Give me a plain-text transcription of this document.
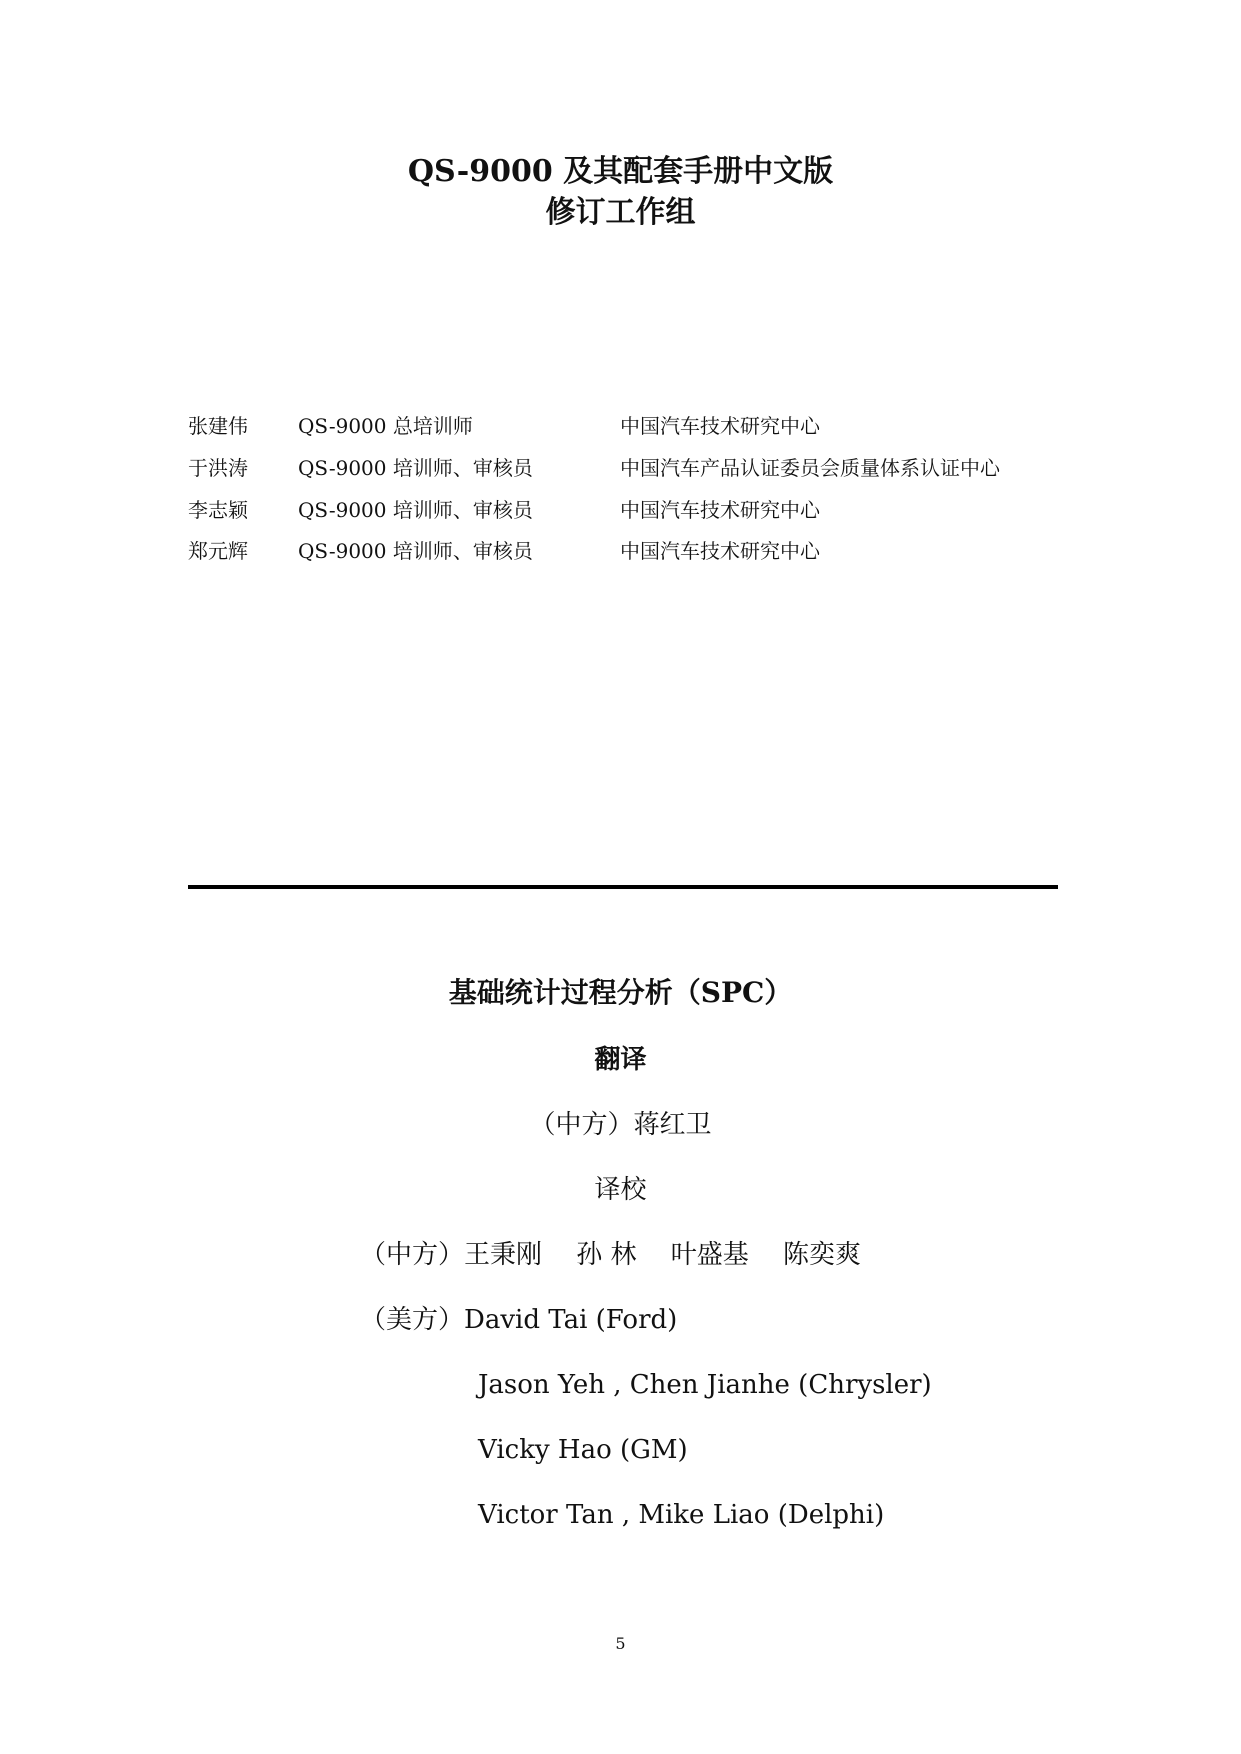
QS-9000 及其配套手册中文版
修订工作组
张建伟	QS-9000 总培训师	中国汽车技术研究中心
于洪涛	QS-9000 培训师、审核员	中国汽车产品认证委员会质量体系认证中心
李志颖	QS-9000 培训师、审核员	中国汽车技术研究中心
郑元辉	QS-9000 培训师、审核员	中国汽车技术研究中心
基础统计过程分析（SPC）
翻译
（中方）蒋红卫
译校
（中方）王秉刚　 孙 林　 叶盛基　 陈奕爽
（美方）David Tai (Ford)
Jason Yeh , Chen Jianhe (Chrysler)
Vicky Hao (GM)
Victor Tan , Mike Liao (Delphi)
5
